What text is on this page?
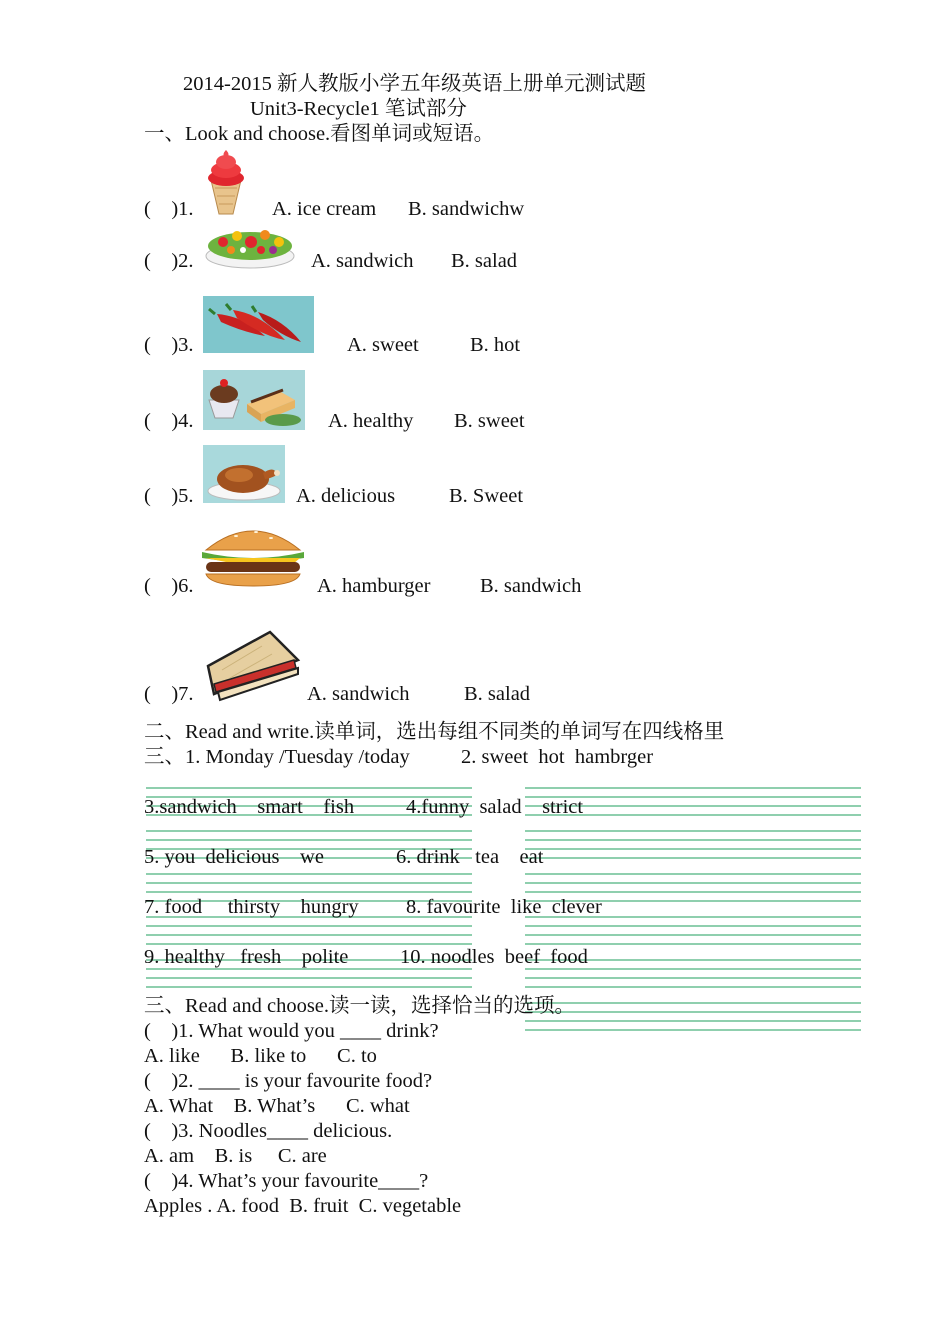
2014-2015 新人教版小学五年级英语上册单元测试题
Unit3-Recycle1 笔试部分
一、Look and choose.看图单词或短语。
(    )1.	A. ice cream B. sandwichw
(    )2.	A. sandwich B. salad
(    )3.	A. sweet	B. hot
(    )4.	A. healthy B. sweet
(    )5.	A. delicious	B. Sweet
(    )6.	A. hamburger B. sandwich
(    )7.	A. sandwich	B. salad
二、Read and write.读单词，选出每组不同类的单词写在四线格里
三、1. Monday /Tuesday /today	2. sweet  hot  hambrger
3.sandwich    smart    fish	4.funny  salad    strict
5. you  delicious    we	6. drink   tea    eat
7. food     thirsty    hungry 8. favourite  like  clever
9. healthy   fresh    polite	10. noodles  beef  food
三、Read and choose.读一读，选择恰当的选项。
(    )1. What would you ____ drink?
A. like      B. like to      C. to
(    )2. ____ is your favourite food?
A. What    B. What’s      C. what
(    )3. Noodles____ delicious.
A. am    B. is     C. are
(    )4. What’s your favourite____?
Apples . A. food  B. fruit  C. vegetable
